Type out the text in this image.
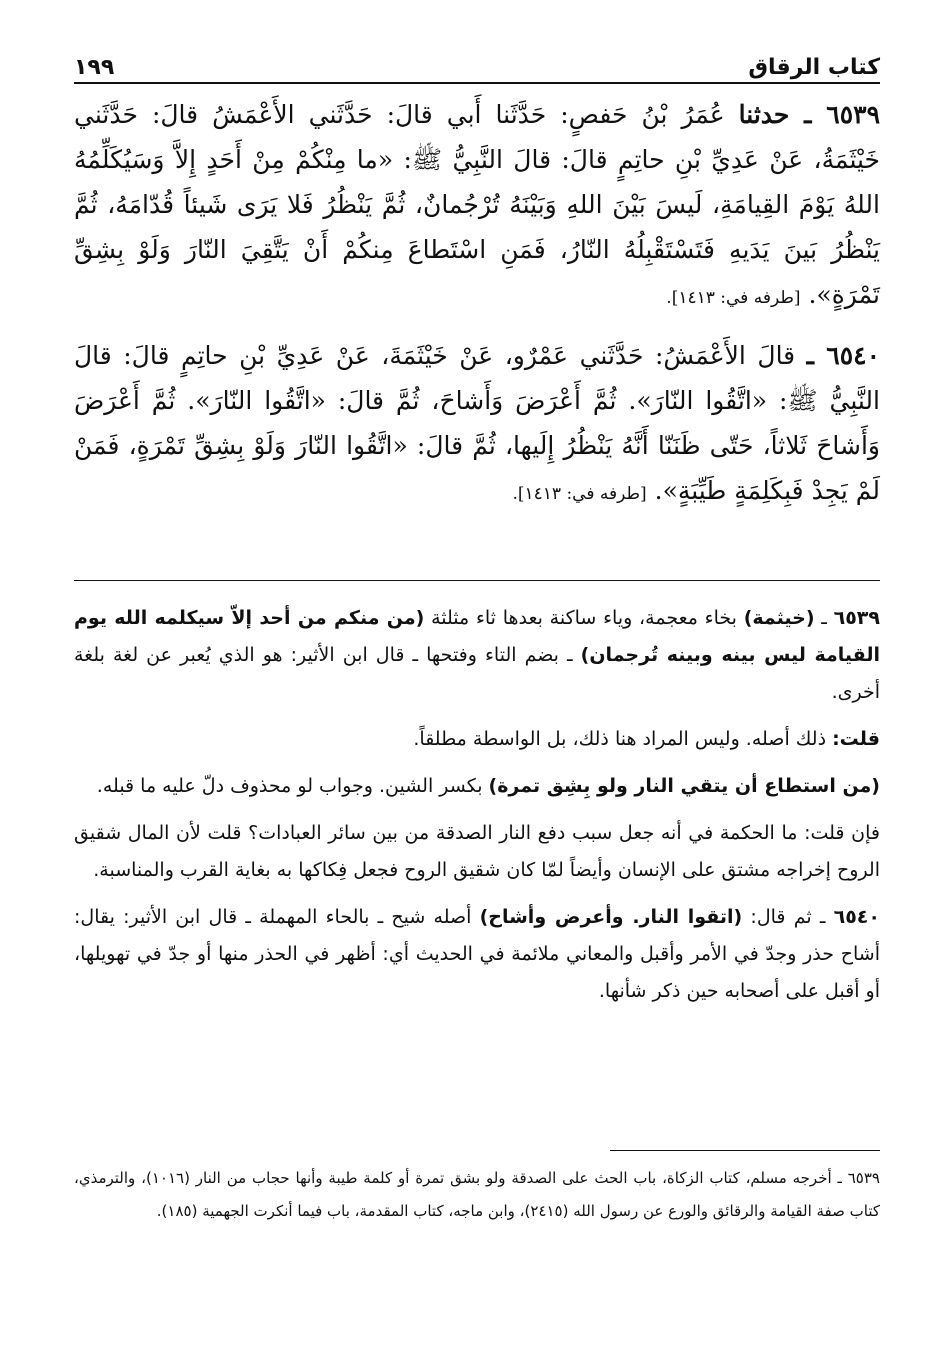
١٩٩	كتاب الرقاق

٦٥٣٩ ـ حدثنا عُمَرُ بْنُ حَفصٍ: حَدَّثَنا أَبي قالَ: حَدَّثَني الأَعْمَشُ قالَ: حَدَّثَني خَيْثَمَةُ، عَنْ عَدِيِّ بْنِ حاتِمٍ قالَ: قالَ النَّبِيُّ ﷺ: «ما مِنْكُمْ مِنْ أَحَدٍ إِلاَّ وَسَيُكَلِّمُهُ اللهُ يَوْمَ القِيامَةِ، لَيسَ بَيْنَ اللهِ وَبَيْنَهُ تُرْجُمانٌ، ثُمَّ يَنْظُرُ فَلا يَرَى شَيئاً قُدّامَهُ، ثُمَّ يَنْظُرُ بَينَ يَدَيهِ فَتَسْتَقْبِلُهُ النّارُ، فَمَنِ اسْتَطاعَ مِنكُمْ أَنْ يَتَّقِيَ النّارَ وَلَوْ بِشِقِّ تَمْرَةٍ». [طرفه في: ١٤١٣].

٦٥٤٠ ـ قالَ الأَعْمَشُ: حَدَّثَني عَمْرٌو، عَنْ خَيْثَمَةَ، عَنْ عَدِيِّ بْنِ حاتِمٍ قالَ: قالَ النَّبِيُّ ﷺ: «اتَّقُوا النّارَ». ثُمَّ أَعْرَضَ وَأَشاحَ، ثُمَّ قالَ: «اتَّقُوا النّارَ». ثُمَّ أَعْرَضَ وَأَشاحَ ثَلاثاً، حَتّى ظَنَنّا أَنَّهُ يَنْظُرُ إِلَيها، ثُمَّ قالَ: «اتَّقُوا النّارَ وَلَوْ بِشِقِّ تَمْرَةٍ، فَمَنْ لَمْ يَجِدْ فَبِكَلِمَةٍ طَيِّبَةٍ». [طرفه في: ١٤١٣].

٦٥٣٩ ـ (خيثمة) بخاء معجمة، وياء ساكنة بعدها ثاء مثلثة (من منكم من أحد إلاّ سيكلمه الله يوم القيامة ليس بينه وبينه تُرجمان) ـ بضم التاء وفتحها ـ قال ابن الأثير: هو الذي يُعبر عن لغة بلغة أخرى.

قلت: ذلك أصله. وليس المراد هنا ذلك، بل الواسطة مطلقاً.

(من استطاع أن يتقي النار ولو بِشِق تمرة) بكسر الشين. وجواب لو محذوف دلّ عليه ما قبله.

فإن قلت: ما الحكمة في أنه جعل سبب دفع النار الصدقة من بين سائر العبادات؟ قلت لأن المال شقيق الروح إخراجه مشتق على الإنسان وأيضاً لمّا كان شقيق الروح فجعل فِكاكها به بغاية القرب والمناسبة.

٦٥٤٠ ـ ثم قال: (اتقوا النار. وأعرض وأشاح) أصله شيح ـ بالحاء المهملة ـ قال ابن الأثير: يقال: أشاح حذر وجدّ في الأمر وأقبل والمعاني ملائمة في الحديث أي: أظهر في الحذر منها أو جدّ في تهويلها، أو أقبل على أصحابه حين ذكر شأنها.

٦٥٣٩ ـ أخرجه مسلم، كتاب الزكاة، باب الحث على الصدقة ولو بشق تمرة أو كلمة طيبة وأنها حجاب من النار (١٠١٦)، والترمذي، كتاب صفة القيامة والرقائق والورع عن رسول الله (٢٤١٥)، وابن ماجه، كتاب المقدمة، باب فيما أنكرت الجهمية (١٨٥).
